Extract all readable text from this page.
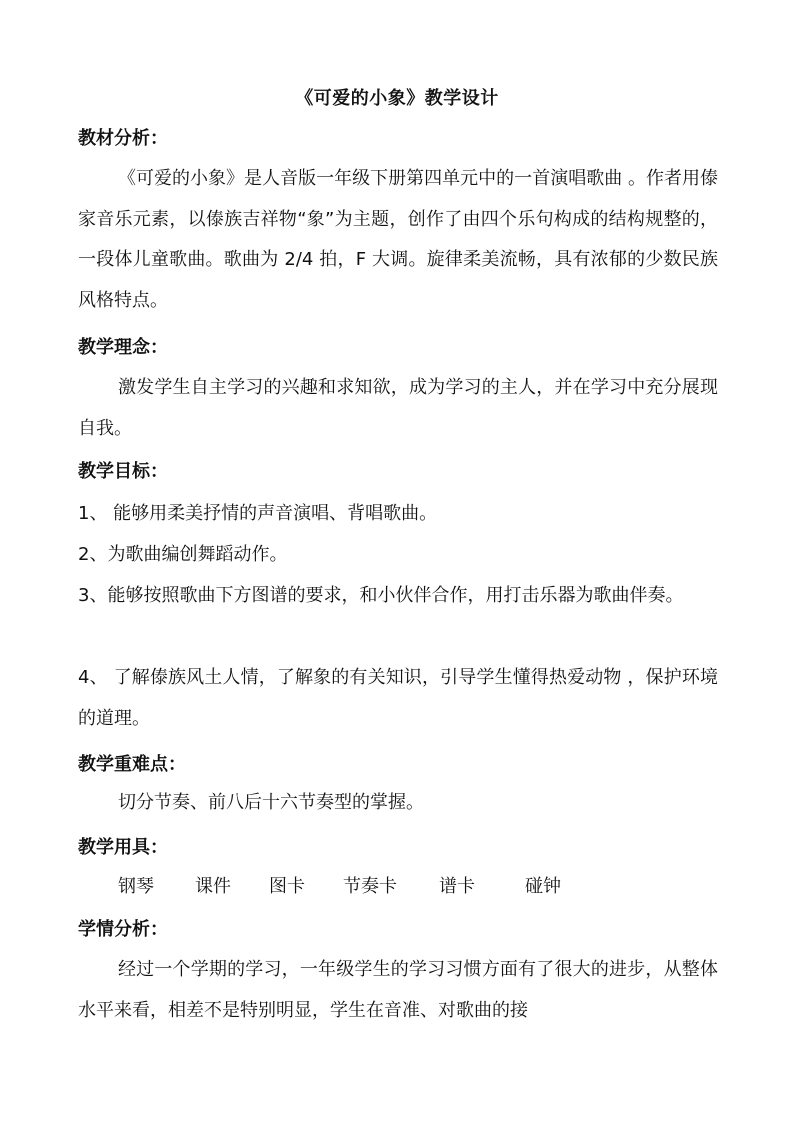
《可爱的小象》教学设计
教材分析：

《可爱的小象》是人音版一年级下册第四单元中的一首演唱歌曲 。作者用傣家音乐元素，以傣族吉祥物“象”为主题，创作了由四个乐句构成的结构规整的，一段体儿童歌曲。歌曲为 2/4 拍，F 大调。旋律柔美流畅，具有浓郁的少数民族风格特点。

教学理念：

激发学生自主学习的兴趣和求知欲，成为学习的主人，并在学习中充分展现自我。

教学目标：

1、 能够用柔美抒情的声音演唱、背唱歌曲。

2、为歌曲编创舞蹈动作。

3、能够按照歌曲下方图谱的要求，和小伙伴合作，用打击乐器为歌曲伴奏。

4、 了解傣族风土人情，了解象的有关知识，引导学生懂得热爱动物 ，保护环境的道理。

教学重难点：

切分节奏、前八后十六节奏型的掌握。

教学用具：
钢琴 课件 图卡 节奏卡 谱卡	碰钟
学情分析：

经过一个学期的学习，一年级学生的学习习惯方面有了很大的进步，从整体水平来看，相差不是特别明显，学生在音准、对歌曲的接
